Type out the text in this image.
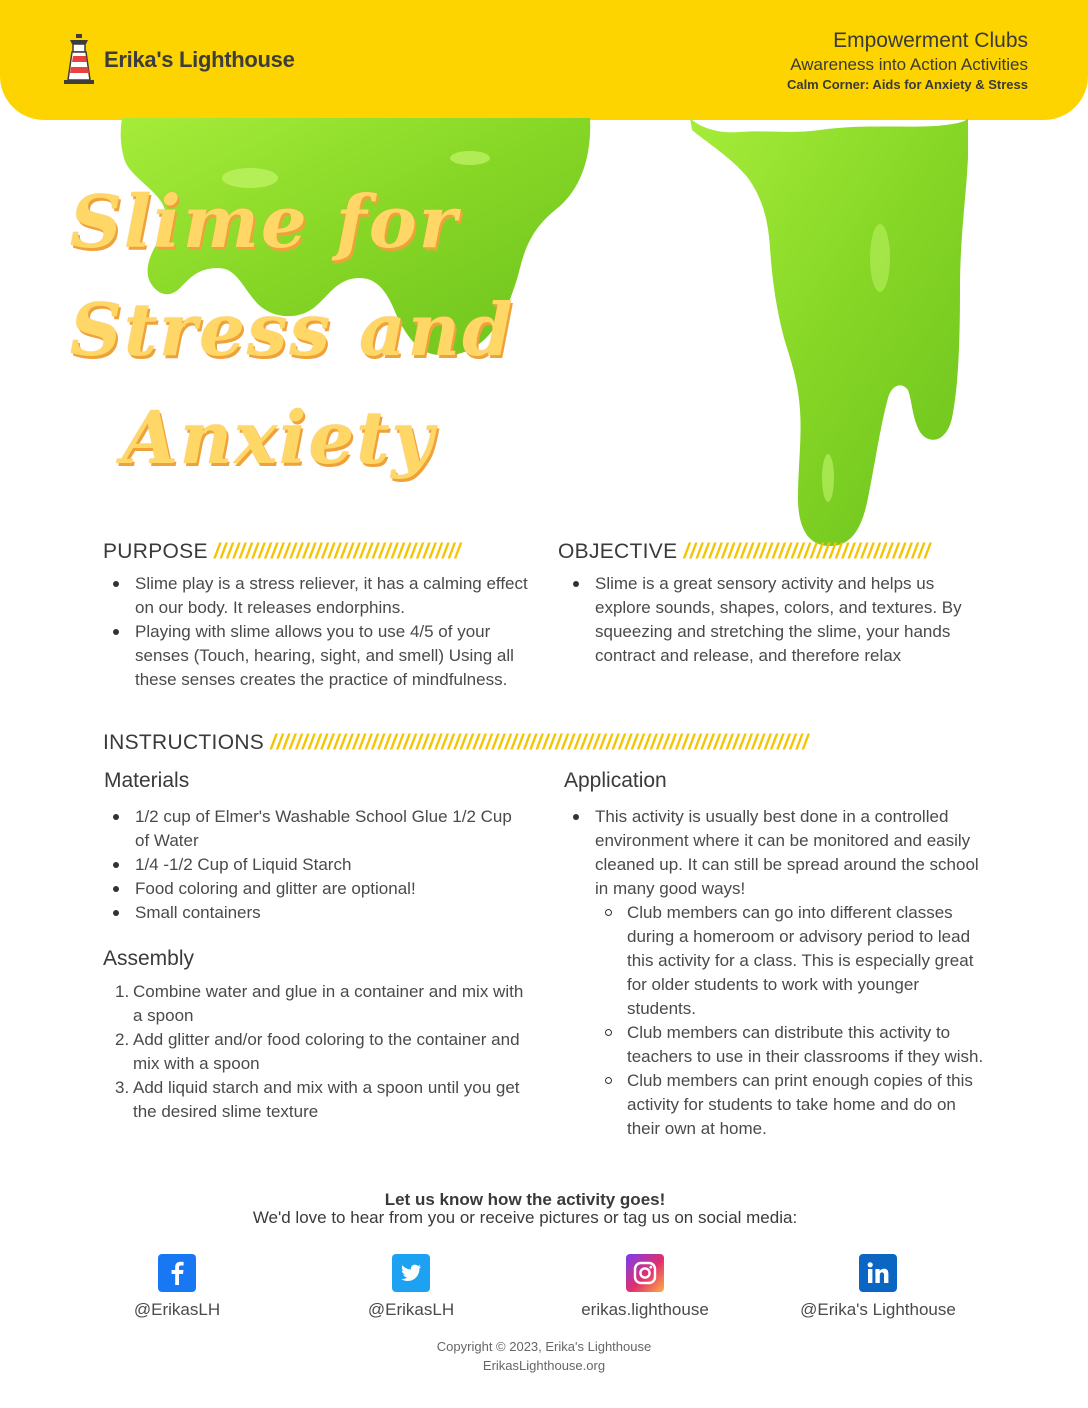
Erika's Lighthouse
Empowerment Clubs
Awareness into Action Activities
Calm Corner: Aids for Anxiety & Stress
Slime for
Stress and
Anxiety
PURPOSE ///////////////////////////////////////
Slime play is a stress reliever, it has a calming effect on our body. It releases endorphins.
Playing with slime allows you to use 4/5 of your senses (Touch, hearing, sight, and smell) Using all these senses creates the practice of mindfulness.
OBJECTIVE ///////////////////////////////////////
Slime is a great sensory activity and helps us explore sounds, shapes, colors, and textures. By squeezing and stretching the slime, your hands contract and release, and therefore relax
INSTRUCTIONS /////////////////////////////////////////////////////////////////////////////////////
Materials
1/2 cup of Elmer's Washable School Glue 1/2 Cup of Water
1/4 -1/2 Cup of Liquid Starch
Food coloring and glitter are optional!
Small containers
Assembly
1. Combine water and glue in a container and mix with a spoon
2. Add glitter and/or food coloring to the container and mix with a spoon
3. Add liquid starch and mix with a spoon until you get the desired slime texture
Application
This activity is usually best done in a controlled environment where it can be monitored and easily cleaned up. It can still be spread around the school in many good ways!
Club members can go into different classes during a homeroom or advisory period to lead this activity for a class. This is especially great for older students to work with younger students.
Club members can distribute this activity to teachers to use in their classrooms if they wish.
Club members can print enough copies of this activity for students to take home and do on their own at home.
Let us know how the activity goes!
We'd love to hear from you or receive pictures or tag us on social media:
@ErikasLH	@ErikasLH	erikas.lighthouse	@Erika's Lighthouse
Copyright © 2023, Erika's Lighthouse
ErikasLighthouse.org
